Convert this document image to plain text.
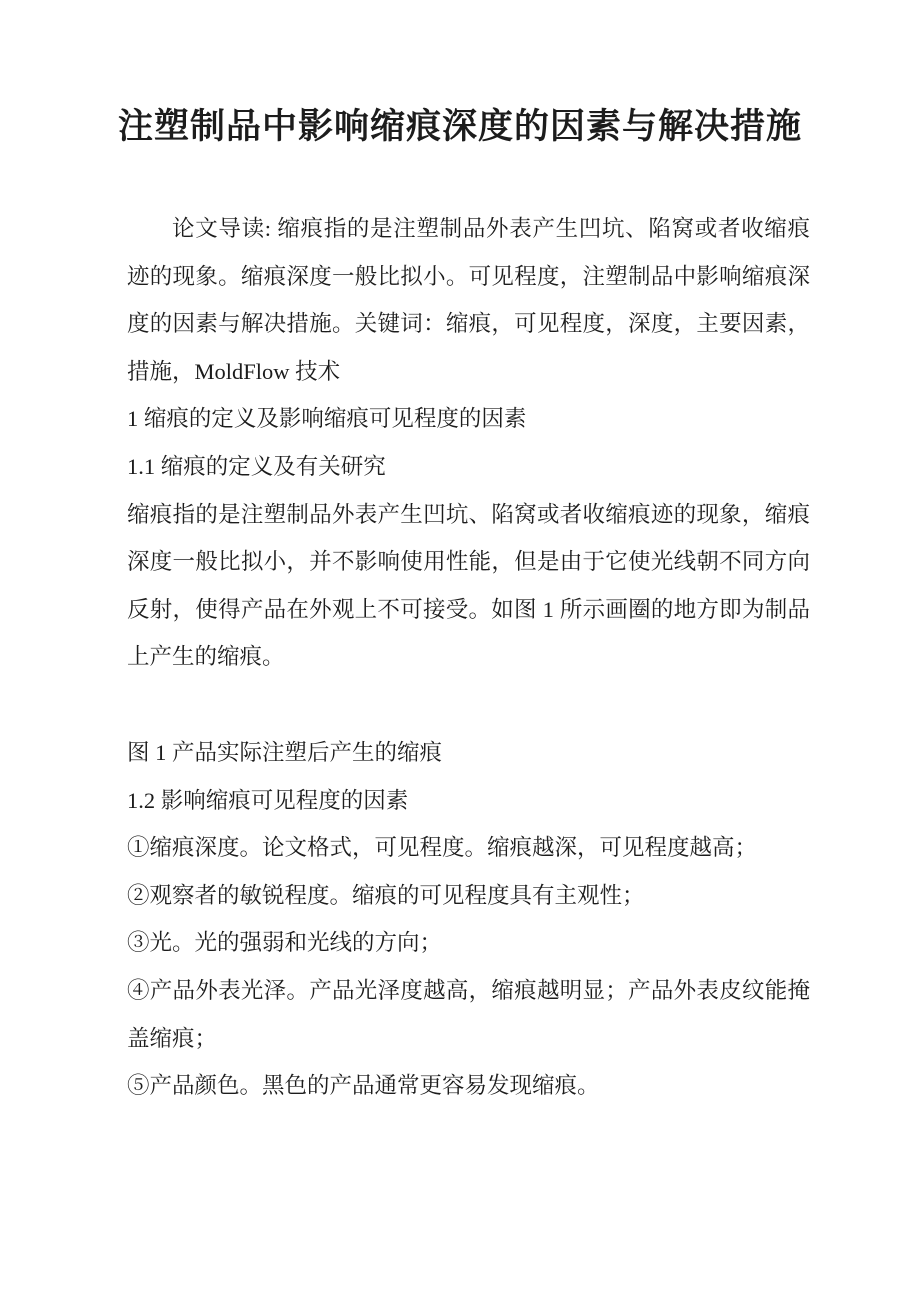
注塑制品中影响缩痕深度的因素与解决措施

论文导读: 缩痕指的是注塑制品外表产生凹坑、陷窝或者收缩痕迹的现象。缩痕深度一般比拟小。可见程度，注塑制品中影响缩痕深度的因素与解决措施。关键词：缩痕，可见程度，深度，主要因素，措施，MoldFlow 技术

1 缩痕的定义及影响缩痕可见程度的因素

1.1 缩痕的定义及有关研究

缩痕指的是注塑制品外表产生凹坑、陷窝或者收缩痕迹的现象，缩痕深度一般比拟小，并不影响使用性能，但是由于它使光线朝不同方向反射，使得产品在外观上不可接受。如图 1 所示画圈的地方即为制品上产生的缩痕。

图 1 产品实际注塑后产生的缩痕

1.2 影响缩痕可见程度的因素

①缩痕深度。论文格式，可见程度。缩痕越深，可见程度越高；

②观察者的敏锐程度。缩痕的可见程度具有主观性；

③光。光的强弱和光线的方向；

④产品外表光泽。产品光泽度越高，缩痕越明显；产品外表皮纹能掩盖缩痕；

⑤产品颜色。黑色的产品通常更容易发现缩痕。
